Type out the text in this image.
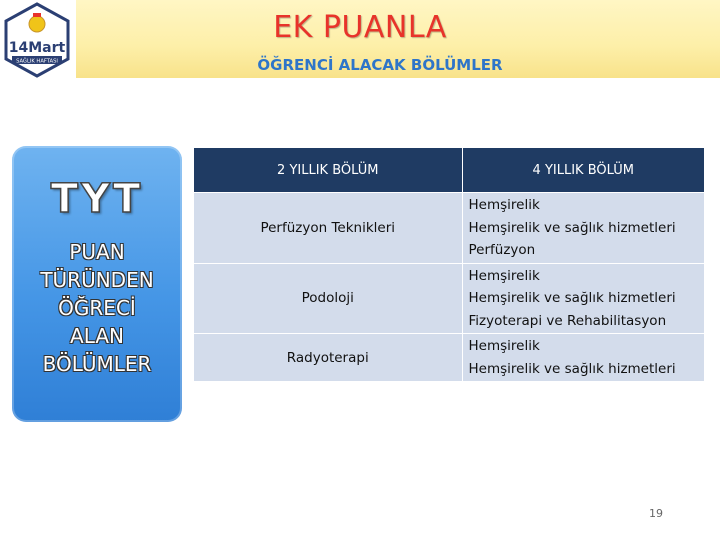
14Mart
SAĞLIK HAFTASI
EK PUANLA
ÖĞRENCİ ALACAK BÖLÜMLER
TYT
PUAN
TÜRÜNDEN
ÖĞRECİ
ALAN
BÖLÜMLER
2 YILLIK BÖLÜM	4 YILLIK BÖLÜM
Perfüzyon Teknikleri	Hemşirelik
Hemşirelik ve sağlık hizmetleri
Perfüzyon

Podoloji	Hemşirelik
Hemşirelik ve sağlık hizmetleri
Fizyoterapi ve Rehabilitasyon

Radyoterapi	Hemşirelik
Hemşirelik ve sağlık hizmetleri
19
